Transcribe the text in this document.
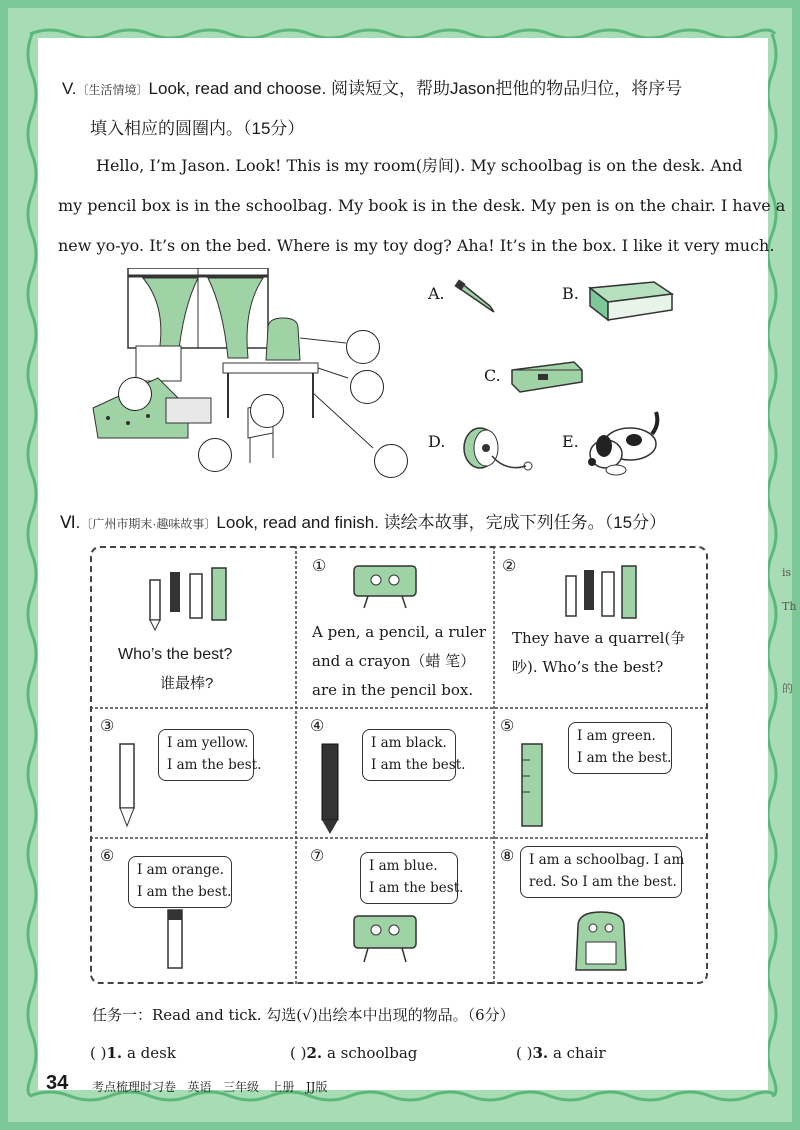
V.〔生活情境〕Look, read and choose. 阅读短文，帮助Jason把他的物品归位，将序号
填入相应的圆圈内。（15分）
Hello, I’m Jason. Look! This is my room(房间). My schoolbag is on the desk. And
my pencil box is in the schoolbag. My book is in the desk. My pen is on the chair. I have a
new yo-yo. It’s on the bed. Where is my toy dog? Aha! It’s in the box. I like it very much.
A.	B.
C.
D.	E.
Ⅵ.〔广州市期末·趣味故事〕Look, read and finish. 读绘本故事，完成下列任务。（15分）
Who’s the best?
谁最棒?
①
A pen, a pencil, a ruler
and a crayon（蜡 笔）
are in the pencil box.
②
They have a quarrel(争
吵). Who’s the best?
③
I am yellow.
I am the best.
④
I am black.
I am the best.
⑤
I am green.
I am the best.
⑥
I am orange.
I am the best.
⑦
I am blue.
I am the best.
⑧ I am a schoolbag. I am
red. So I am the best.
任务一：Read and tick. 勾选(√)出绘本中出现的物品。（6分）
( )1. a desk	( )2. a schoolbag	( )3. a chair
is
Th
的
34 考点梳理时习卷 英语 三年级 上册 JJ版
